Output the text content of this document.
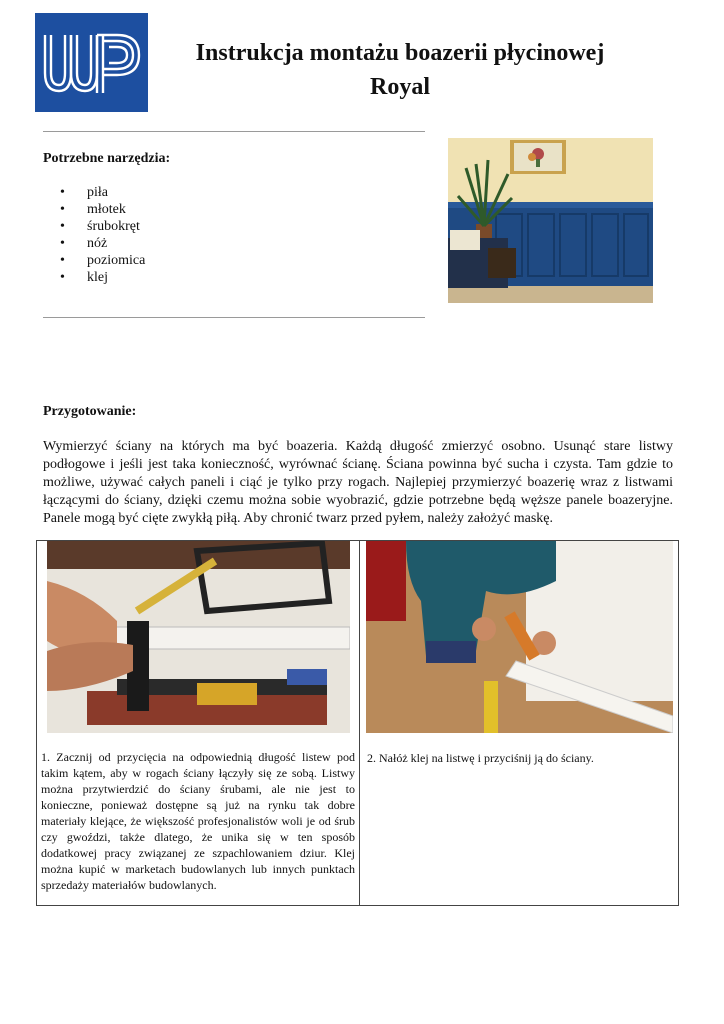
Instrukcja montażu boazerii płycinowej
Royal
Potrzebne narzędzia:
• piła
• młotek
• śrubokręt
• nóż
• poziomica
• klej
Przygotowanie:
Wymierzyć ściany na których ma być boazeria. Każdą długość zmierzyć osobno. Usunąć stare listwy podłogowe i jeśli jest taka konieczność, wyrównać ścianę. Ściana powinna być sucha i czysta. Tam gdzie to możliwe, używać całych paneli i ciąć je tylko przy rogach. Najlepiej przymierzyć boazerię wraz z listwami łączącymi do ściany, dzięki czemu można sobie wyobrazić, gdzie potrzebne będą węższe panele boazeryjne. Panele mogą być cięte zwykłą piłą. Aby chronić twarz przed pyłem, należy założyć maskę.
1. Zacznij od przycięcia na odpowiednią długość listew pod takim kątem, aby w rogach ściany łączyły się ze sobą. Listwy można przytwierdzić do ściany śrubami, ale nie jest to konieczne, ponieważ dostępne są już na rynku tak dobre materiały klejące, że większość profesjonalistów woli je od śrub czy gwoździ, także dlatego, że unika się w ten sposób dodatkowej pracy związanej ze szpachlowaniem dziur. Klej można kupić w marketach budowlanych lub innych punktach sprzedaży materiałów budowlanych.
2. Nałóż klej na listwę i przyciśnij ją do ściany.
